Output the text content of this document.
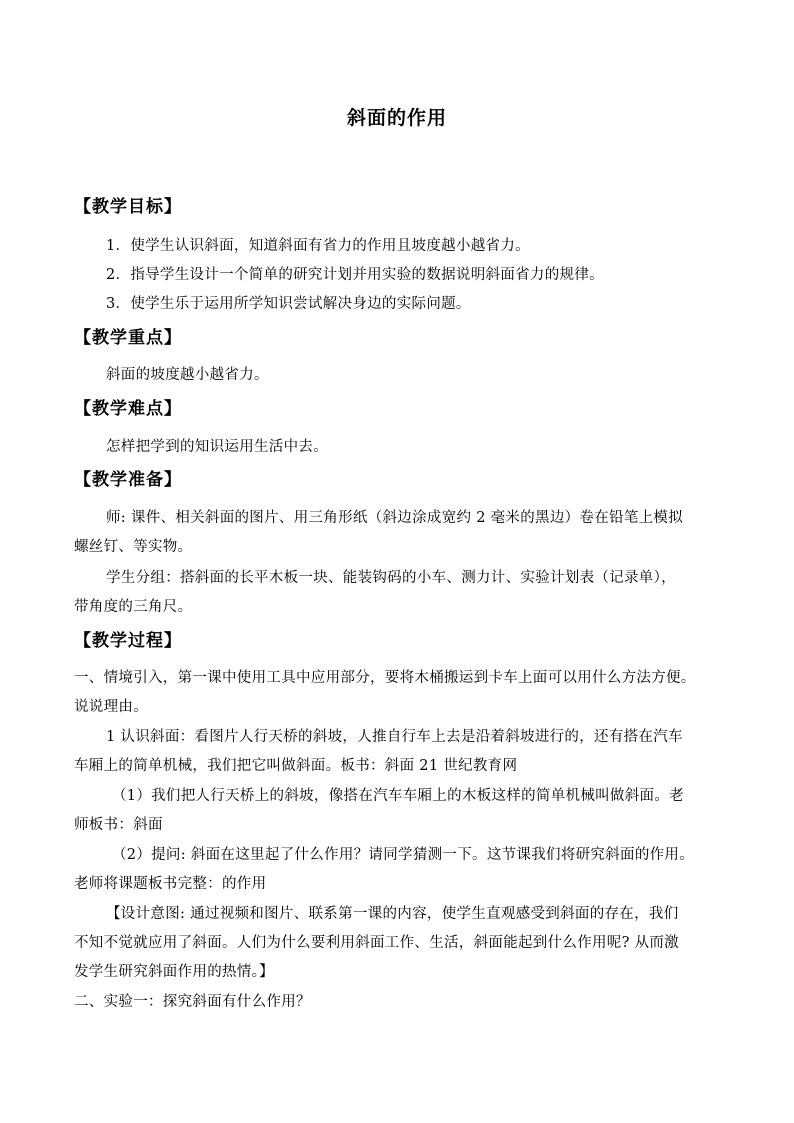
斜面的作用
【教学目标】
1．使学生认识斜面，知道斜面有省力的作用且坡度越小越省力。
2．指导学生设计一个简单的研究计划并用实验的数据说明斜面省力的规律。
3．使学生乐于运用所学知识尝试解决身边的实际问题。
【教学重点】
斜面的坡度越小越省力。
【教学难点】
怎样把学到的知识运用生活中去。
【教学准备】
师: 课件、相关斜面的图片、用三角形纸（斜边涂成宽约 2 毫米的黑边）卷在铅笔上模拟
螺丝钉、等实物。
学生分组：搭斜面的长平木板一块、能装钩码的小车、测力计、实验计划表（记录单），
带角度的三角尺。
【教学过程】
一、情境引入，第一课中使用工具中应用部分，要将木桶搬运到卡车上面可以用什么方法方便。
说说理由。
1 认识斜面：看图片人行天桥的斜坡，人推自行车上去是沿着斜坡进行的，还有搭在汽车
车厢上的简单机械，我们把它叫做斜面。板书：斜面 21 世纪教育网
（1）我们把人行天桥上的斜坡，像搭在汽车车厢上的木板这样的简单机械叫做斜面。老
师板书：斜面
（2）提问: 斜面在这里起了什么作用？请同学猜测一下。这节课我们将研究斜面的作用。
老师将课题板书完整：的作用
【设计意图: 通过视频和图片、联系第一课的内容，使学生直观感受到斜面的存在，我们
不知不觉就应用了斜面。人们为什么要利用斜面工作、生活，斜面能起到什么作用呢? 从而激
发学生研究斜面作用的热情。】
二、实验一：探究斜面有什么作用？
